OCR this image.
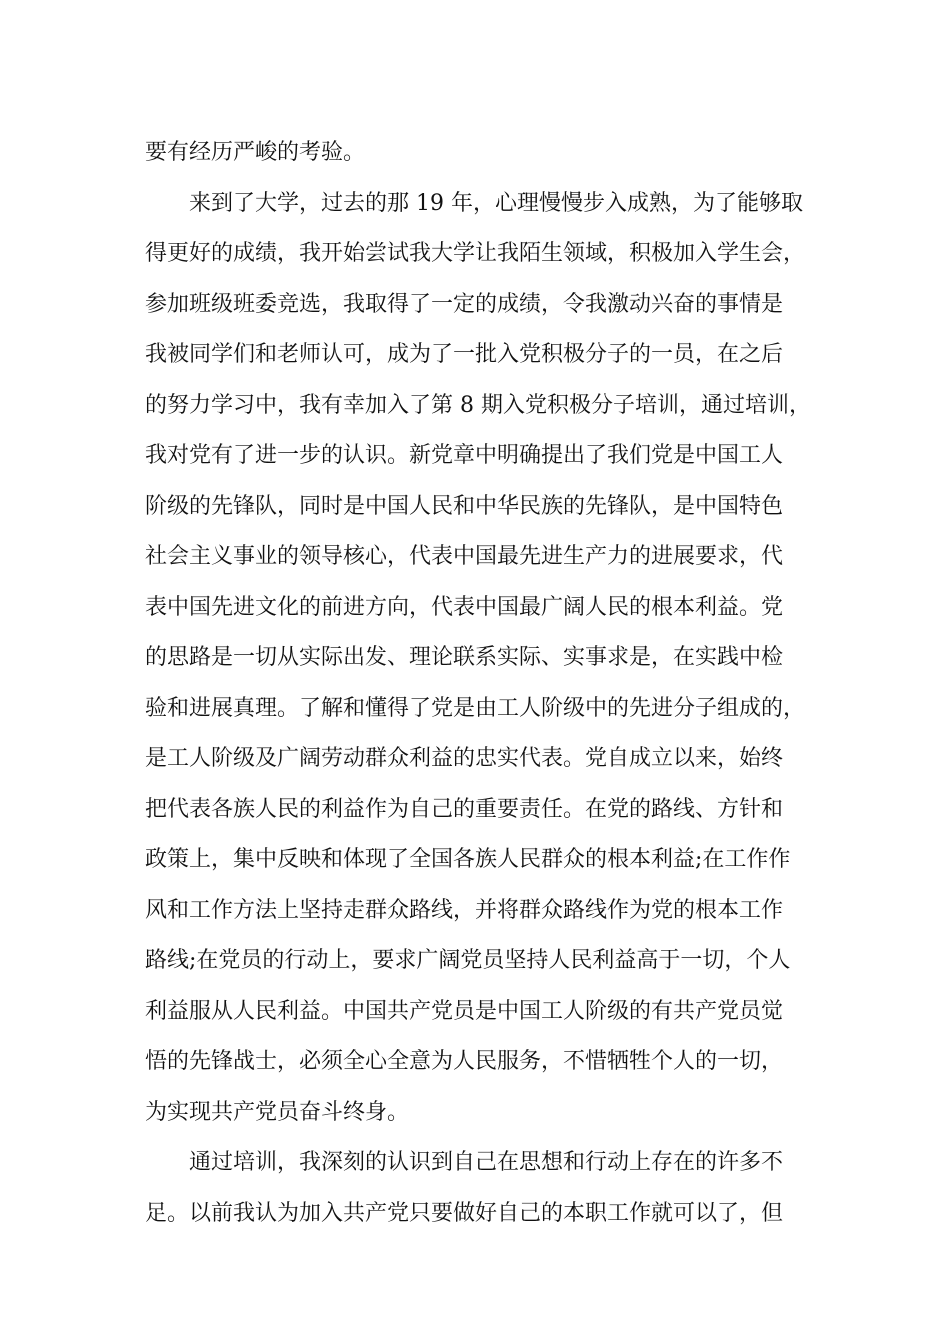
要有经历严峻的考验。

来到了大学，过去的那 19 年，心理慢慢步入成熟，为了能够取

得更好的成绩，我开始尝试我大学让我陌生领域，积极加入学生会，

参加班级班委竞选，我取得了一定的成绩，令我激动兴奋的事情是

我被同学们和老师认可，成为了一批入党积极分子的一员，在之后

的努力学习中，我有幸加入了第 8 期入党积极分子培训，通过培训，

我对党有了进一步的认识。新党章中明确提出了我们党是中国工人

阶级的先锋队，同时是中国人民和中华民族的先锋队，是中国特色

社会主义事业的领导核心，代表中国最先进生产力的进展要求，代

表中国先进文化的前进方向，代表中国最广阔人民的根本利益。党

的思路是一切从实际出发、理论联系实际、实事求是，在实践中检

验和进展真理。了解和懂得了党是由工人阶级中的先进分子组成的，

是工人阶级及广阔劳动群众利益的忠实代表。党自成立以来，始终

把代表各族人民的利益作为自己的重要责任。在党的路线、方针和

政策上，集中反映和体现了全国各族人民群众的根本利益;在工作作

风和工作方法上坚持走群众路线，并将群众路线作为党的根本工作

路线;在党员的行动上，要求广阔党员坚持人民利益高于一切，个人

利益服从人民利益。中国共产党员是中国工人阶级的有共产党员觉

悟的先锋战士，必须全心全意为人民服务，不惜牺牲个人的一切，

为实现共产党员奋斗终身。

通过培训，我深刻的认识到自己在思想和行动上存在的许多不

足。以前我认为加入共产党只要做好自己的本职工作就可以了，但
